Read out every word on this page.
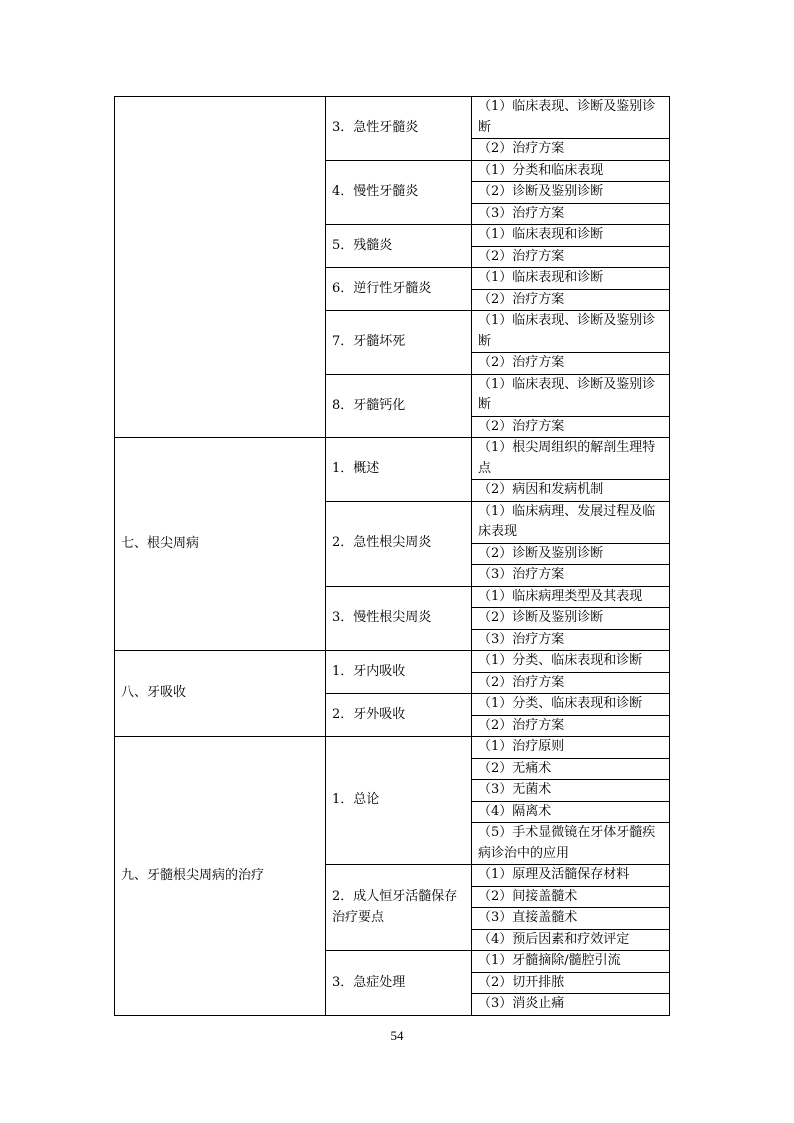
	3．急性牙髓炎	（1）临床表现、诊断及鉴别诊断
		（2）治疗方案
	4．慢性牙髓炎	（1）分类和临床表现
		（2）诊断及鉴别诊断
		（3）治疗方案
	5．残髓炎	（1）临床表现和诊断
		（2）治疗方案
	6．逆行性牙髓炎	（1）临床表现和诊断
		（2）治疗方案
	7．牙髓坏死	（1）临床表现、诊断及鉴别诊断
		（2）治疗方案
	8．牙髓钙化	（1）临床表现、诊断及鉴别诊断
		（2）治疗方案
七、根尖周病	1．概述	（1）根尖周组织的解剖生理特点
		（2）病因和发病机制
	2．急性根尖周炎	（1）临床病理、发展过程及临床表现
		（2）诊断及鉴别诊断
		（3）治疗方案
	3．慢性根尖周炎	（1）临床病理类型及其表现
		（2）诊断及鉴别诊断
		（3）治疗方案
八、牙吸收	1．牙内吸收	（1）分类、临床表现和诊断
		（2）治疗方案
	2．牙外吸收	（1）分类、临床表现和诊断
		（2）治疗方案
九、牙髓根尖周病的治疗	1．总论	（1）治疗原则
		（2）无痛术
		（3）无菌术
		（4）隔离术
		（5）手术显微镜在牙体牙髓疾病诊治中的应用
	2．成人恒牙活髓保存治疗要点	（1）原理及活髓保存材料
		（2）间接盖髓术
		（3）直接盖髓术
		（4）预后因素和疗效评定
	3．急症处理	（1）牙髓摘除/髓腔引流
		（2）切开排脓
		（3）消炎止痛
54
